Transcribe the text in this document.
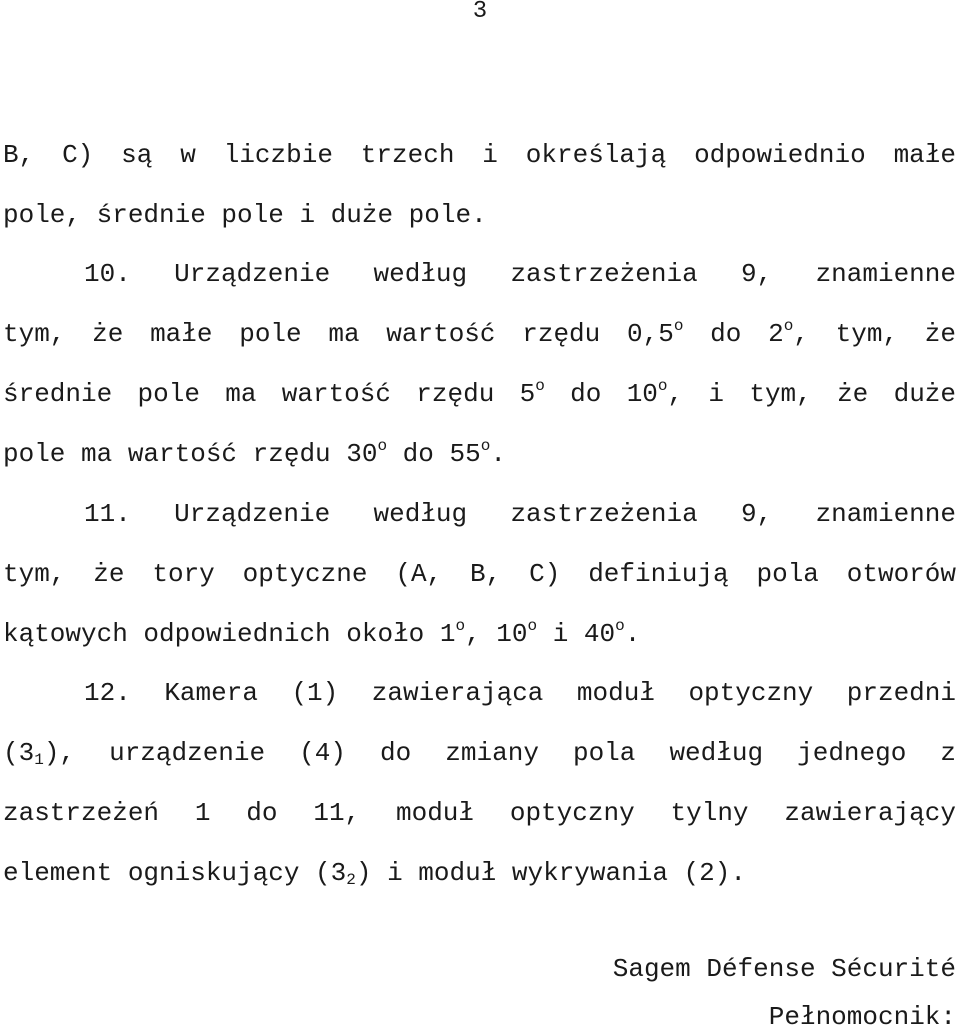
3
B, C) są w liczbie trzech i określają odpowiednio małe
pole, średnie pole i duże pole.
10. Urządzenie według zastrzeżenia 9, znamienne
tym, że małe pole ma wartość rzędu 0,5$^o$ do 2$^o$, tym, że
średnie pole ma wartość rzędu 5$^o$ do 10$^o$, i tym, że duże
pole ma wartość rzędu 30$^o$ do 55$^o$.
11. Urządzenie według zastrzeżenia 9, znamienne
tym, że tory optyczne (A, B, C) definiują pola otworów
kątowych odpowiednich około 1$^o$, 10$^o$ i 40$^o$.
12. Kamera (1) zawierająca moduł optyczny przedni
$(3_1)$, urządzenie (4) do zmiany pola według jednego z
zastrzeżeń 1 do 11, moduł optyczny tylny zawierający
element ogniskujący $(3_2)$ i moduł wykrywania (2).
Sagem Défense Sécurité
Pełnomocnik:
